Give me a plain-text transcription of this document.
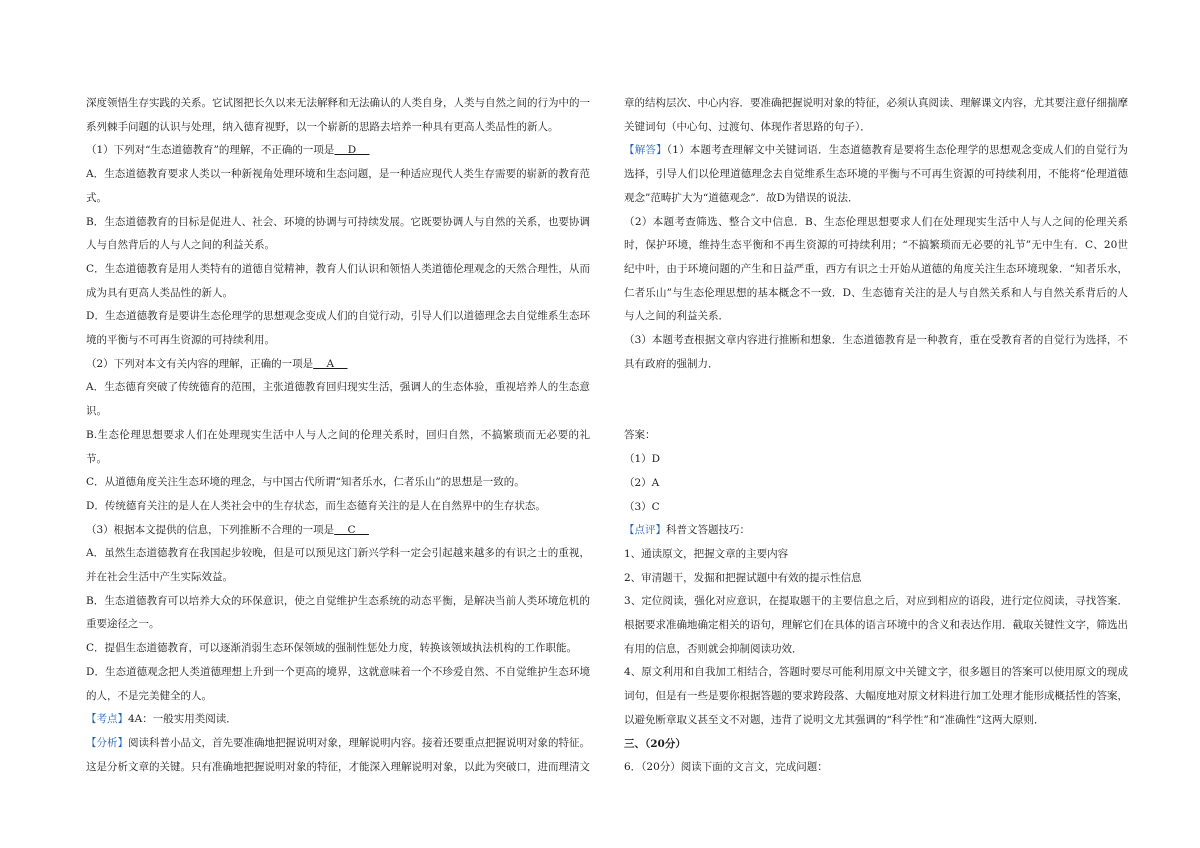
深度领悟生存实践的关系。它试图把长久以来无法解释和无法确认的人类自身，人类与自然之间的行为中的一系列棘手问题的认识与处理，纳入德育视野，以一个崭新的思路去培养一种具有更高人类品性的新人。

（1）下列对“生态道德教育”的理解，不正确的一项是    D

A．生态道德教育要求人类以一种新视角处理环境和生态问题，是一种适应现代人类生存需要的崭新的教育范式。

B．生态道德教育的目标是促进人、社会、环境的协调与可持续发展。它既要协调人与自然的关系，也要协调人与自然背后的人与人之间的利益关系。

C．生态道德教育是用人类特有的道德自觉精神，教育人们认识和领悟人类道德伦理观念的天然合理性，从而成为具有更高人类品性的新人。

D．生态道德教育是要讲生态伦理学的思想观念变成人们的自觉行动，引导人们以道德理念去自觉维系生态环境的平衡与不可再生资源的可持续利用。

（2）下列对本文有关内容的理解，正确的一项是    A

A．生态德育突破了传统德育的范围，主张道德教育回归现实生活，强调人的生态体验，重视培养人的生态意识。

B.生态伦理思想要求人们在处理现实生活中人与人之间的伦理关系时，回归自然，不搞繁琐而无必要的礼节。

C．从道德角度关注生态环境的理念，与中国古代所谓“知者乐水，仁者乐山”的思想是一致的。

D．传统德育关注的是人在人类社会中的生存状态，而生态德育关注的是人在自然界中的生存状态。

（3）根据本文提供的信息，下列推断不合理的一项是    C

A．虽然生态道德教育在我国起步较晚，但是可以预见这门新兴学科一定会引起越来越多的有识之士的重视，并在社会生活中产生实际效益。

B．生态道德教育可以培养大众的环保意识，使之自觉维护生态系统的动态平衡，是解决当前人类环境危机的重要途径之一。

C．提倡生态道德教育，可以逐渐消弱生态环保领域的强制性惩处力度，转换该领域执法机构的工作职能。

D．生态道德观念把人类道德理想上升到一个更高的境界，这就意味着一个不珍爱自然、不自觉维护生态环境的人，不是完美健全的人。

【考点】4A：一般实用类阅读．

【分析】阅读科普小品文，首先要准确地把握说明对象，理解说明内容。接着还要重点把握说明对象的特征。这是分析文章的关键。只有准确地把握说明对象的特征，才能深入理解说明对象，以此为突破口，进而理清文

章的结构层次、中心内容．要准确把握说明对象的特征，必须认真阅读、理解课文内容，尤其要注意仔细揣摩关键词句（中心句、过渡句、体现作者思路的句子）．

【解答】（1）本题考查理解文中关键词语．生态道德教育是要将生态伦理学的思想观念变成人们的自觉行为选择，引导人们以伦理道德理念去自觉维系生态环境的平衡与不可再生资源的可持续利用，不能将“伦理道德观念”范畴扩大为“道德观念”．故D为错误的说法．

（2）本题考查筛选、整合文中信息．B、生态伦理思想要求人们在处理现实生活中人与人之间的伦理关系时，保护环境，维持生态平衡和不再生资源的可持续利用；“不搞繁琐而无必要的礼节”无中生有．C、20世纪中叶，由于环境问题的产生和日益严重，西方有识之士开始从道德的角度关注生态环境现象．“知者乐水，仁者乐山”与生态伦理思想的基本概念不一致．D、生态德育关注的是人与自然关系和人与自然关系背后的人与人之间的利益关系．

（3）本题考查根据文章内容进行推断和想象．生态道德教育是一种教育，重在受教育者的自觉行为选择，不具有政府的强制力．

答案：

（1）D

（2）A

（3）C

【点评】科普文答题技巧：

1、通读原文，把握文章的主要内容

2、审清题干，发掘和把握试题中有效的提示性信息

3、定位阅读，强化对应意识，在提取题干的主要信息之后，对应到相应的语段，进行定位阅读，寻找答案．根据要求准确地确定相关的语句，理解它们在具体的语言环境中的含义和表达作用．截取关键性文字，筛选出有用的信息，否则就会抑制阅读功效．

4、原文利用和自我加工相结合，答题时要尽可能利用原文中关键文字，很多题目的答案可以使用原文的现成词句，但是有一些是要你根据答题的要求跨段落、大幅度地对原文材料进行加工处理才能形成概括性的答案，以避免断章取义甚至文不对题，违背了说明文尤其强调的“科学性”和“准确性”这两大原则．

三、（20分）

6．（20分）阅读下面的文言文，完成问题：
